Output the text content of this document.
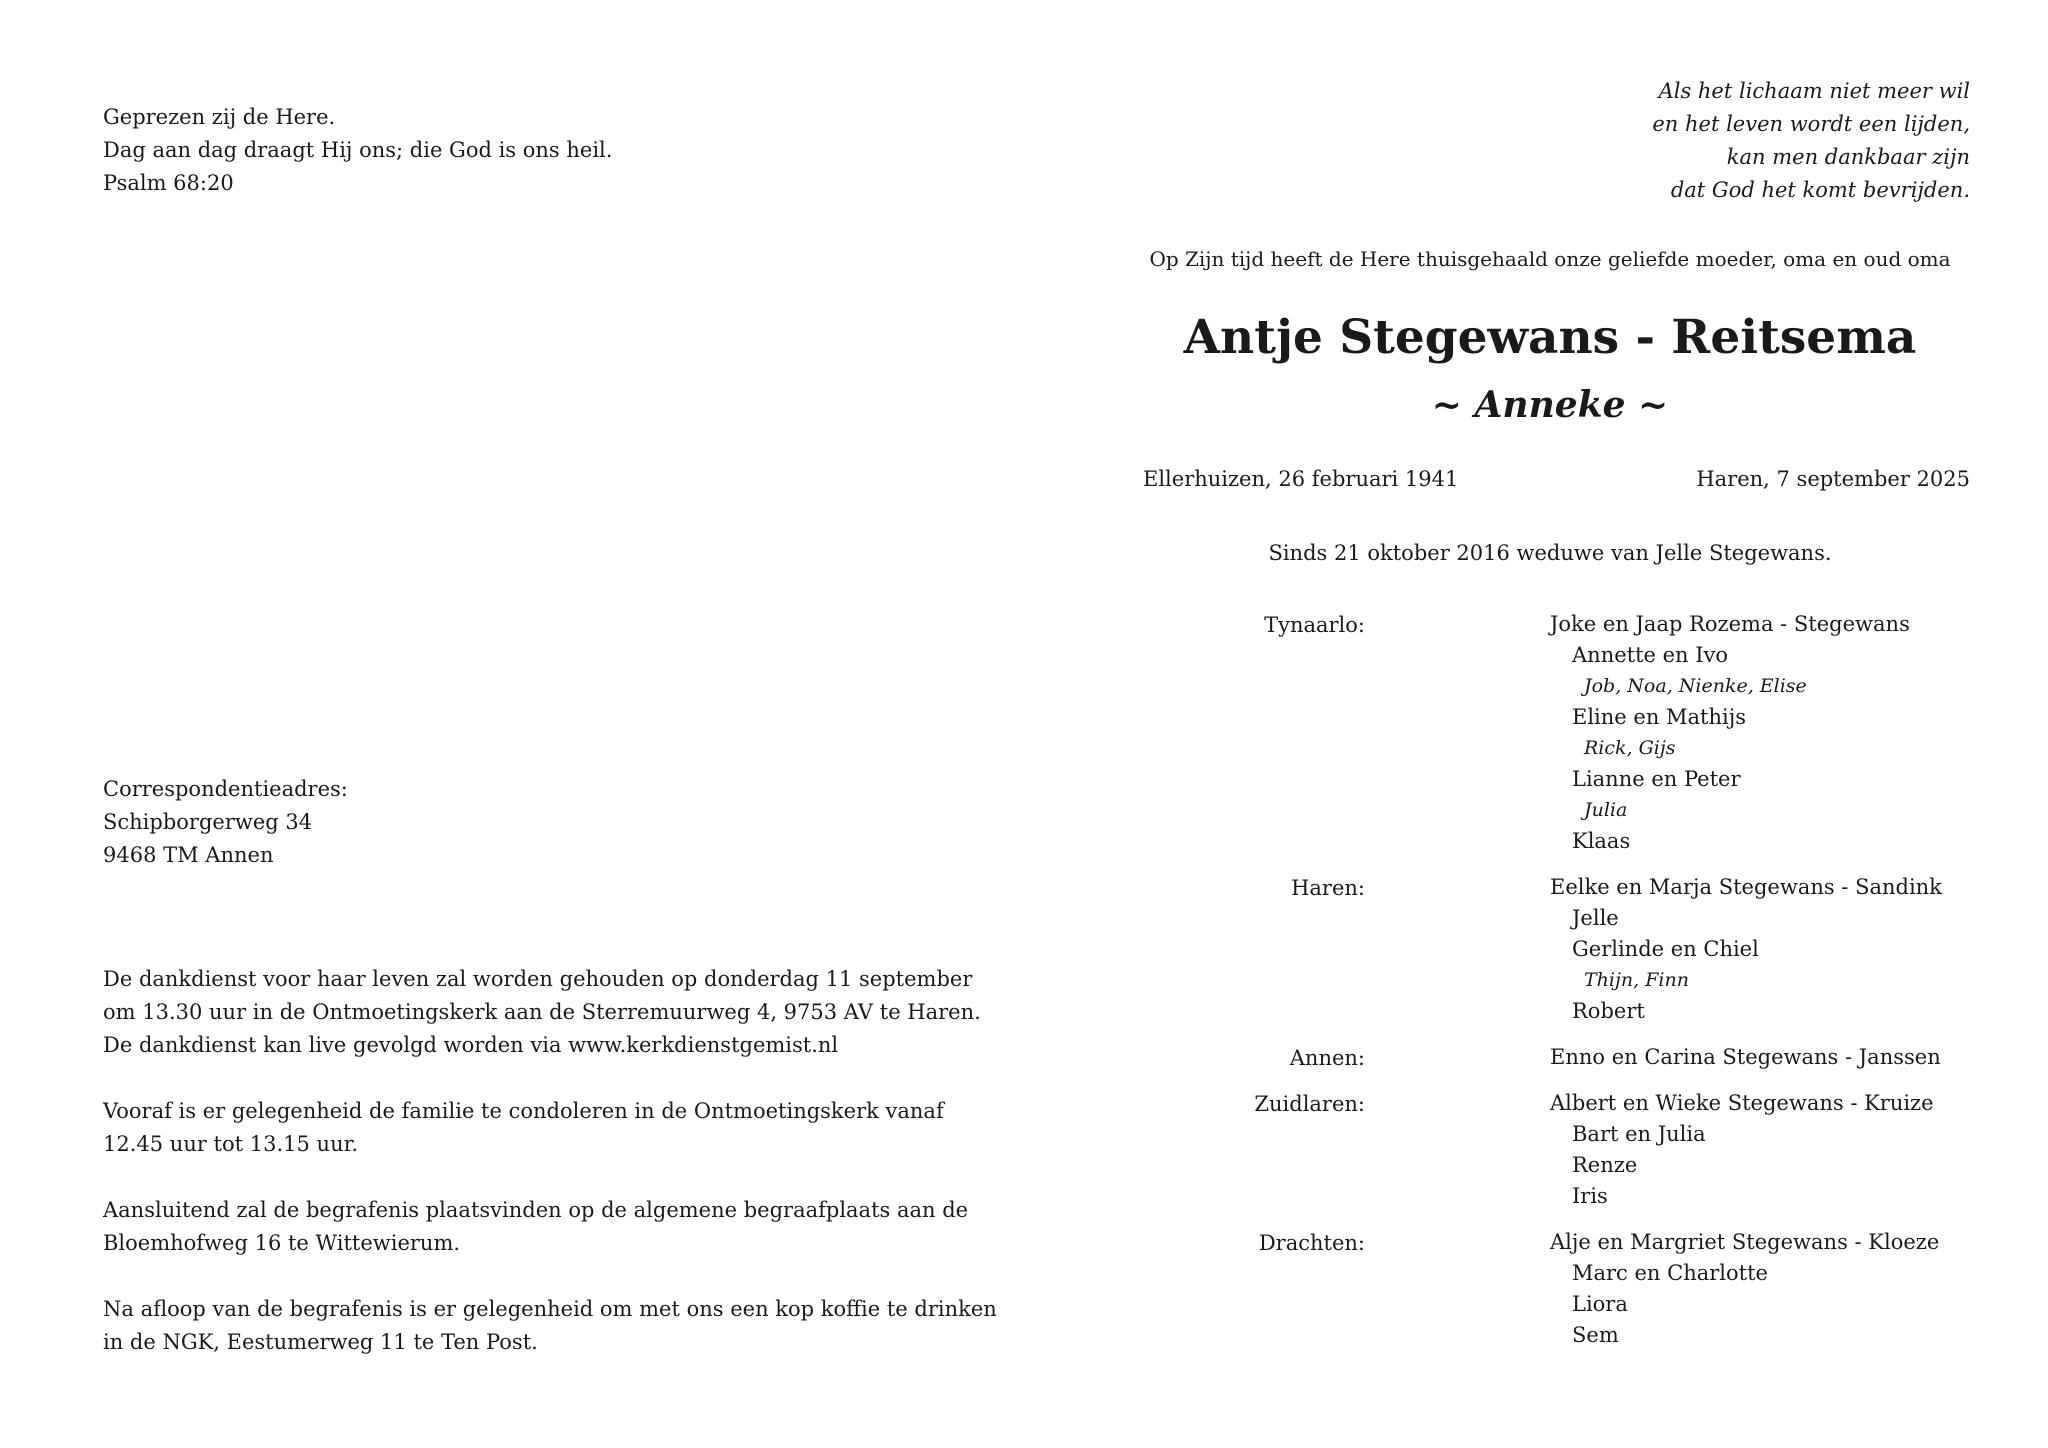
Geprezen zij de Here.
Dag aan dag draagt Hij ons; die God is ons heil.
Psalm 68:20
Als het lichaam niet meer wil
en het leven wordt een lijden,
kan men dankbaar zijn
dat God het komt bevrijden.
Op Zijn tijd heeft de Here thuisgehaald onze geliefde moeder, oma en oud oma
Antje Stegewans - Reitsema
~ Anneke ~
Ellerhuizen, 26 februari 1941	Haren, 7 september 2025
Sinds 21 oktober 2016 weduwe van Jelle Stegewans.
Correspondentieadres:
Schipborgerweg 34
9468 TM Annen
De dankdienst voor haar leven zal worden gehouden op donderdag 11 september
om 13.30 uur in de Ontmoetingskerk aan de Sterremuurweg 4, 9753 AV te Haren.
De dankdienst kan live gevolgd worden via www.kerkdienstgemist.nl
Vooraf is er gelegenheid de familie te condoleren in de Ontmoetingskerk vanaf
12.45 uur tot 13.15 uur.
Aansluitend zal de begrafenis plaatsvinden op de algemene begraafplaats aan de
Bloemhofweg 16 te Wittewierum.
Na afloop van de begrafenis is er gelegenheid om met ons een kop koffie te drinken
in de NGK, Eestumerweg 11 te Ten Post.
Tynaarlo:	Joke en Jaap Rozema - Stegewans
Annette en Ivo
Job, Noa, Nienke, Elise
Eline en Mathijs
Rick, Gijs
Lianne en Peter
Julia
Klaas
Haren:	Eelke en Marja Stegewans - Sandink
Jelle
Gerlinde en Chiel
Thijn, Finn
Robert
Annen:	Enno en Carina Stegewans - Janssen
Zuidlaren:	Albert en Wieke Stegewans - Kruize
Bart en Julia
Renze
Iris
Drachten:	Alje en Margriet Stegewans - Kloeze
Marc en Charlotte
Liora
Sem
